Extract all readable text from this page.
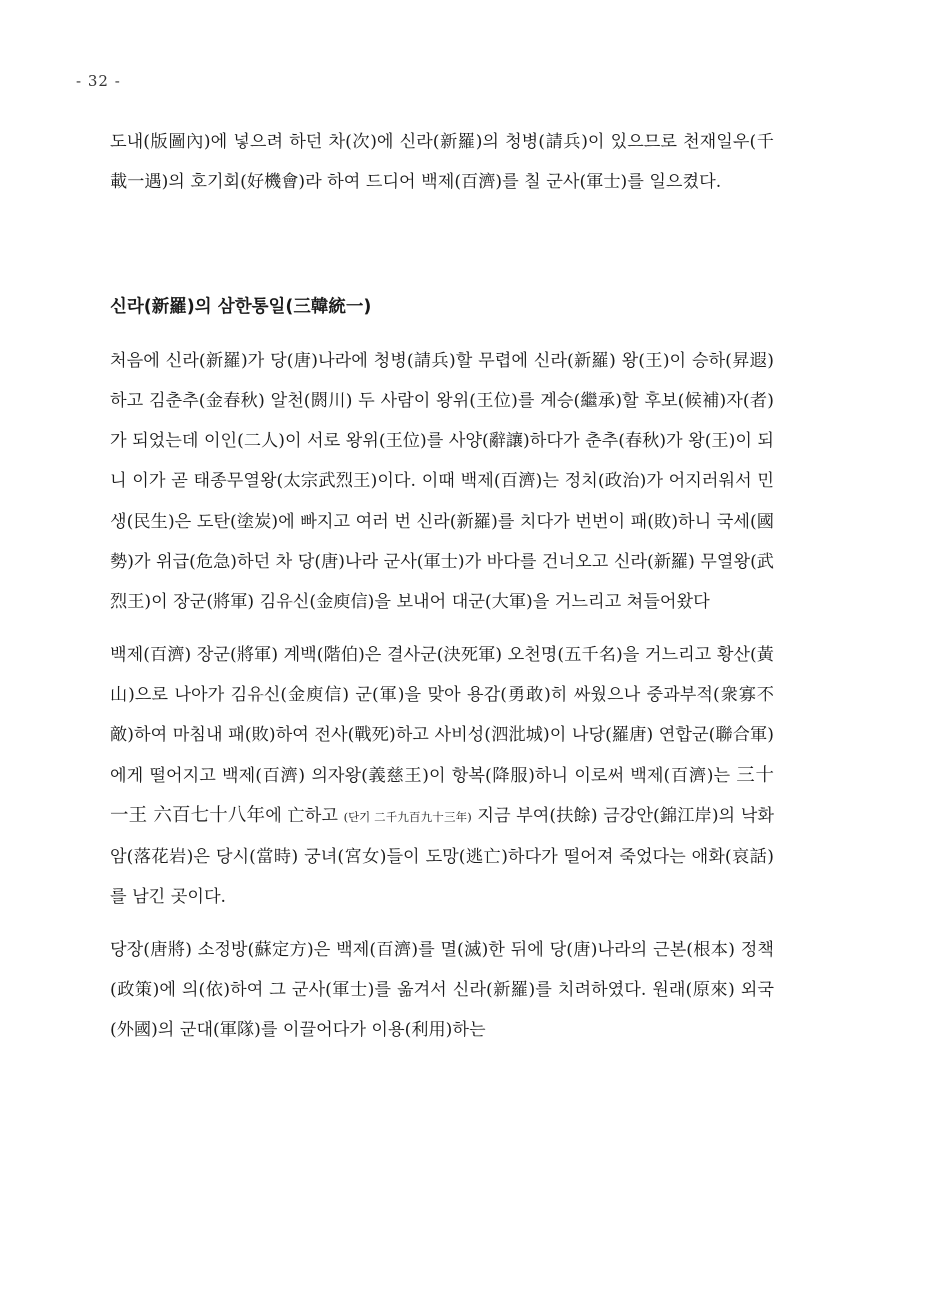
- 32 -

도내(版圖內)에 넣으려 하던 차(次)에 신라(新羅)의 청병(請兵)이 있으므로 천재일우(千載一遇)의 호기회(好機會)라 하여 드디어 백제(百濟)를 칠 군사(軍士)를 일으켰다.

신라(新羅)의 삼한통일(三韓統一)

처음에 신라(新羅)가 당(唐)나라에 청병(請兵)할 무렵에 신라(新羅) 왕(王)이 승하(昇遐)하고 김춘추(金春秋) 알천(閼川) 두 사람이 왕위(王位)를 계승(繼承)할 후보(候補)자(者)가 되었는데 이인(二人)이 서로 왕위(王位)를 사양(辭讓)하다가 춘추(春秋)가 왕(王)이 되니 이가 곧 태종무열왕(太宗武烈王)이다. 이때 백제(百濟)는 정치(政治)가 어지러워서 민생(民生)은 도탄(塗炭)에 빠지고 여러 번 신라(新羅)를 치다가 번번이 패(敗)하니 국세(國勢)가 위급(危急)하던 차 당(唐)나라 군사(軍士)가 바다를 건너오고 신라(新羅) 무열왕(武烈王)이 장군(將軍) 김유신(金庾信)을 보내어 대군(大軍)을 거느리고 쳐들어왔다

백제(百濟) 장군(將軍) 계백(階伯)은 결사군(決死軍) 오천명(五千名)을 거느리고 황산(黃山)으로 나아가 김유신(金庾信) 군(軍)을 맞아 용감(勇敢)히 싸웠으나 중과부적(衆寡不敵)하여 마침내 패(敗)하여 전사(戰死)하고 사비성(泗沘城)이 나당(羅唐) 연합군(聯合軍)에게 떨어지고 백제(百濟) 의자왕(義慈王)이 항복(降服)하니 이로써 백제(百濟)는 三十一王 六百七十八年에 亡하고 (단기 二千九百九十三年) 지금 부여(扶餘) 금강안(錦江岸)의 낙화암(落花岩)은 당시(當時) 궁녀(宮女)들이 도망(逃亡)하다가 떨어져 죽었다는 애화(哀話)를 남긴 곳이다.

당장(唐將) 소정방(蘇定方)은 백제(百濟)를 멸(滅)한 뒤에 당(唐)나라의 근본(根本) 정책(政策)에 의(依)하여 그 군사(軍士)를 옮겨서 신라(新羅)를 치려하였다. 원래(原來) 외국(外國)의 군대(軍隊)를 이끌어다가 이용(利用)하는
